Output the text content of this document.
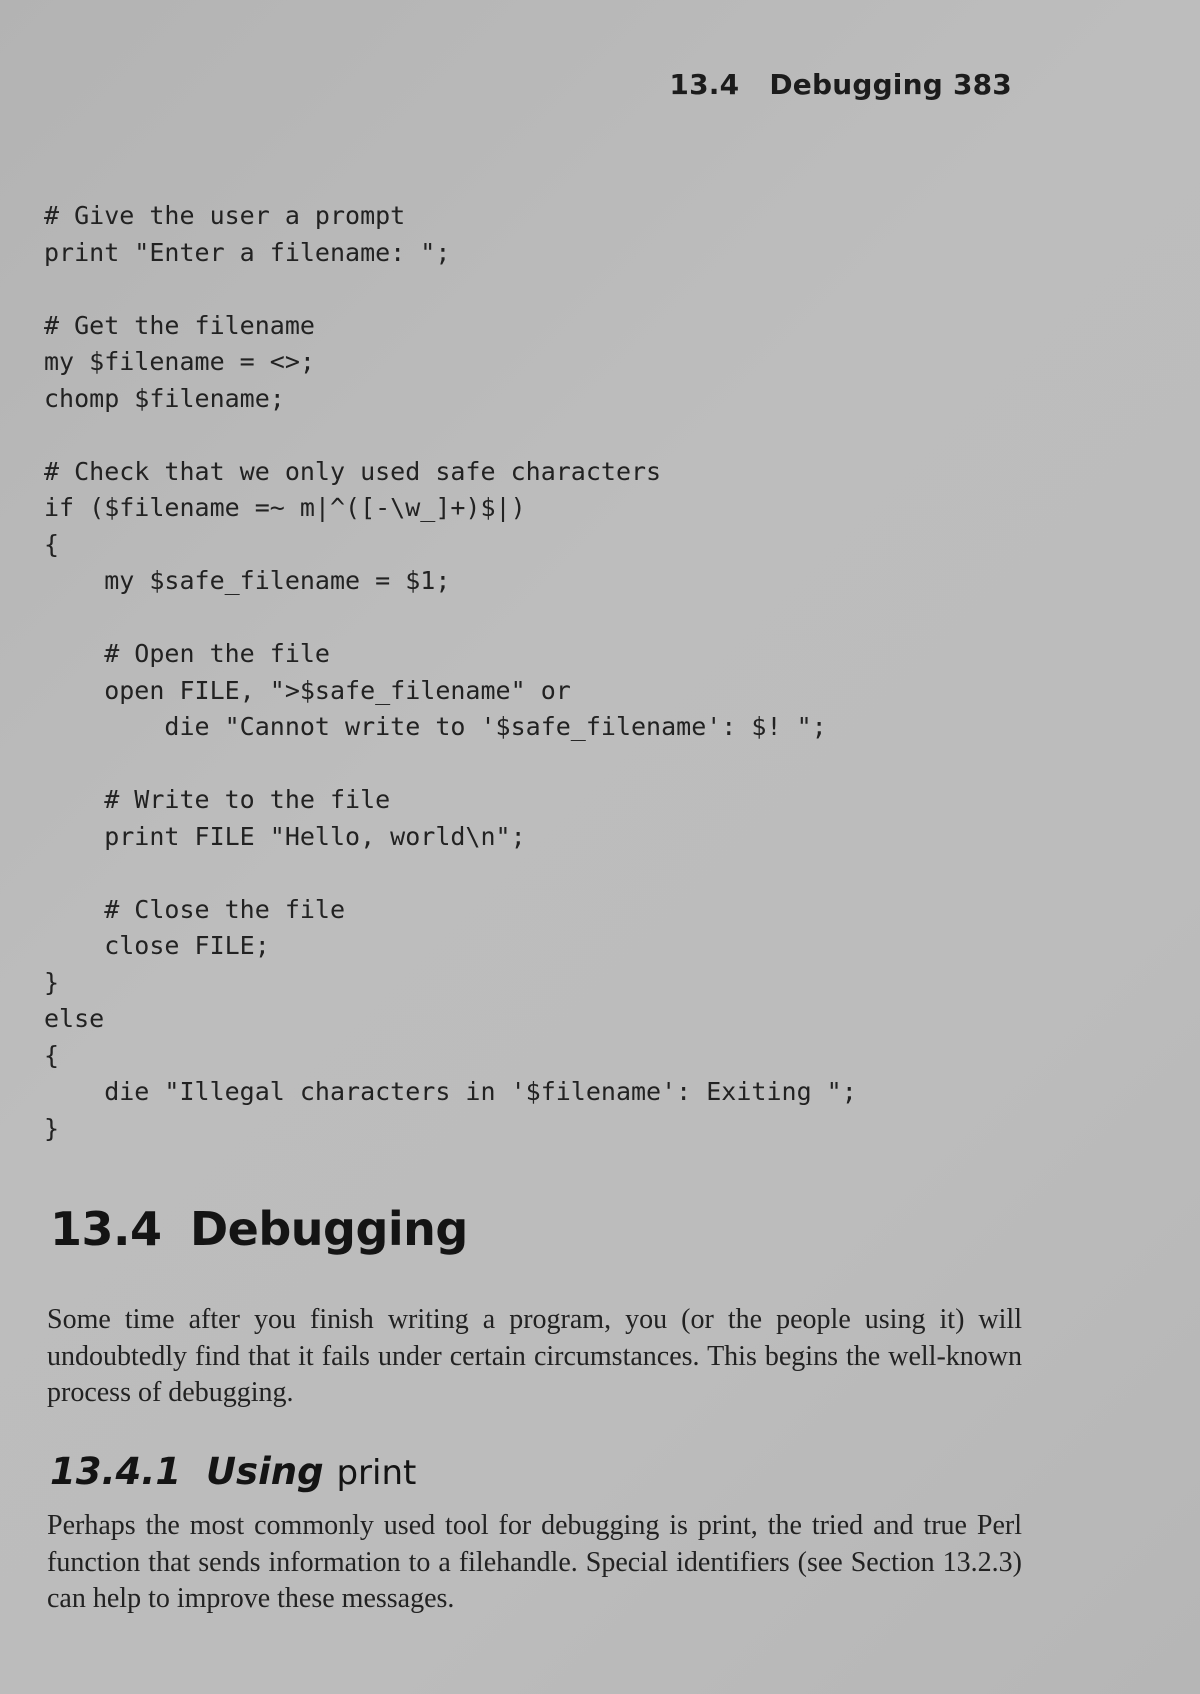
13.4 Debugging 383
# Give the user a prompt
print "Enter a filename: ";
# Get the filename
my $filename = <>;
chomp $filename;
# Check that we only used safe characters
if ($filename =~ m|^([-\w_]+)$|)
{
my $safe_filename = $1;
# Open the file
open FILE, ">$safe_filename" or
die "Cannot write to '$safe_filename': $! ";
# Write to the file
print FILE "Hello, world\n";
# Close the file
close FILE;
}
else
{
die "Illegal characters in '$filename': Exiting ";
}
13.4 Debugging

Some time after you finish writing a program, you (or the people using it) will undoubtedly find that it fails under certain circumstances. This begins the well-known process of debugging.

13.4.1 Using print

Perhaps the most commonly used tool for debugging is print, the tried and true Perl function that sends information to a filehandle. Special identifiers (see Section 13.2.3) can help to improve these messages.
